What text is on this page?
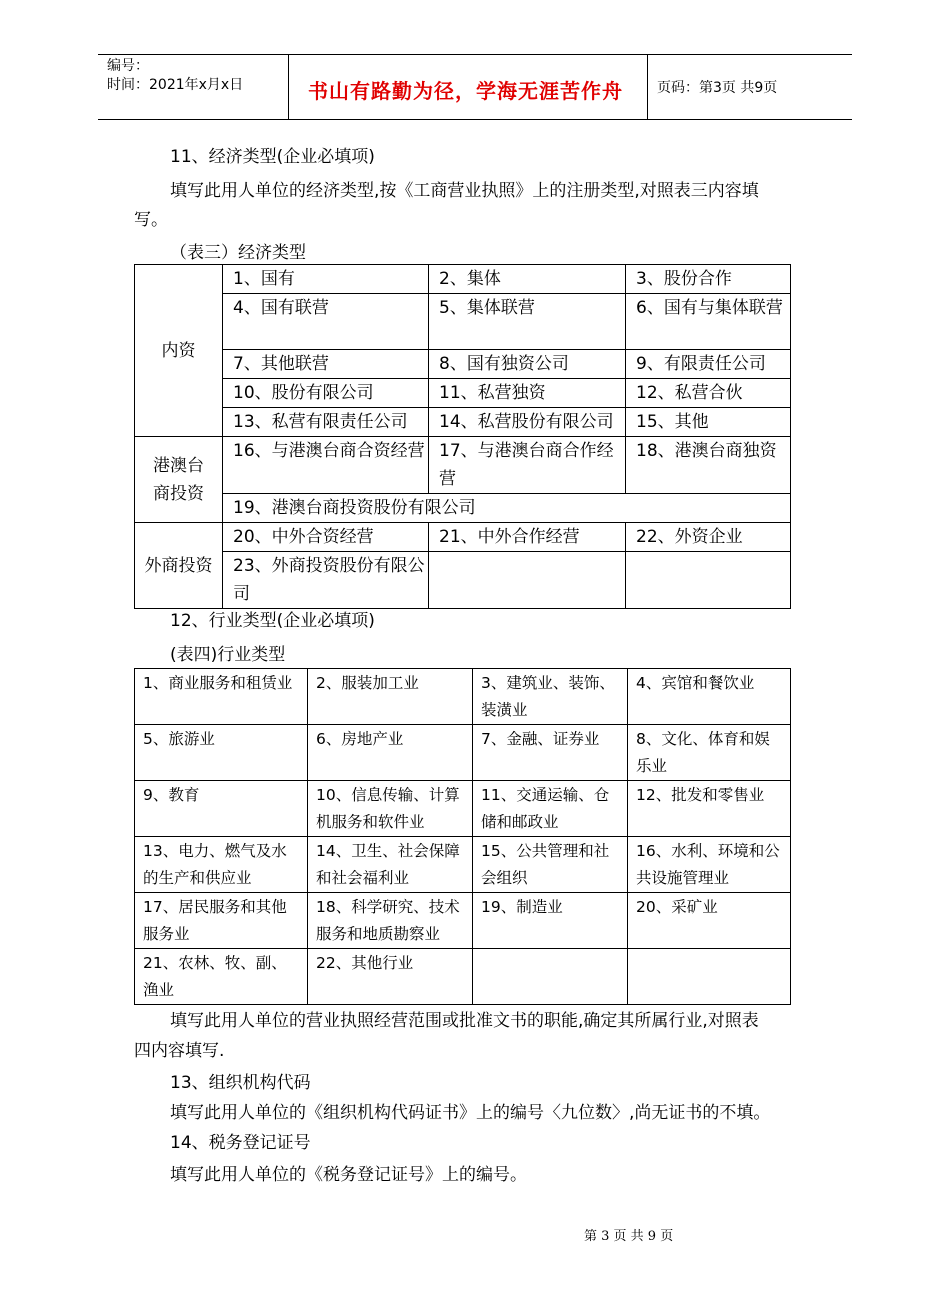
编号：
时间：2021年x月x日	书山有路勤为径，学海无涯苦作舟 页码：第3页 共9页
11、经济类型(企业必填项)
填写此用人单位的经济类型,按《工商营业执照》上的注册类型,对照表三内容填
写。
（表三）经济类型
内资	1、国有	2、集体	3、股份合作
	4、国有联营	5、集体联营	6、国有与集体联营
	7、其他联营	8、国有独资公司	9、有限责任公司
	10、股份有限公司	11、私营独资	12、私营合伙
	13、私营有限责任公司	14、私营股份有限公司	15、其他
港澳台商投资	16、与港澳台商合资经营	17、与港澳台商合作经营	18、港澳台商独资
	19、港澳台商投资股份有限公司		
外商投资	20、中外合资经营	21、中外合作经营	22、外资企业
	23、外商投资股份有限公司		
12、行业类型(企业必填项)
(表四)行业类型
1、商业服务和租赁业	2、服装加工业	3、建筑业、装饰、装潢业	4、宾馆和餐饮业
5、旅游业	6、房地产业	7、金融、证券业	8、文化、体育和娱乐业
9、教育	10、信息传输、计算机服务和软件业	11、交通运输、仓储和邮政业	12、批发和零售业
13、电力、燃气及水的生产和供应业	14、卫生、社会保障和社会福利业	15、公共管理和社会组织	16、水利、环境和公共设施管理业
17、居民服务和其他服务业	18、科学研究、技术服务和地质勘察业	19、制造业	20、采矿业
21、农林、牧、副、渔业	22、其他行业		
填写此用人单位的营业执照经营范围或批准文书的职能,确定其所属行业,对照表
四内容填写.
13、组织机构代码
填写此用人单位的《组织机构代码证书》上的编号〈九位数〉,尚无证书的不填。
14、税务登记证号
填写此用人单位的《税务登记证号》上的编号。
第 3 页 共 9 页
